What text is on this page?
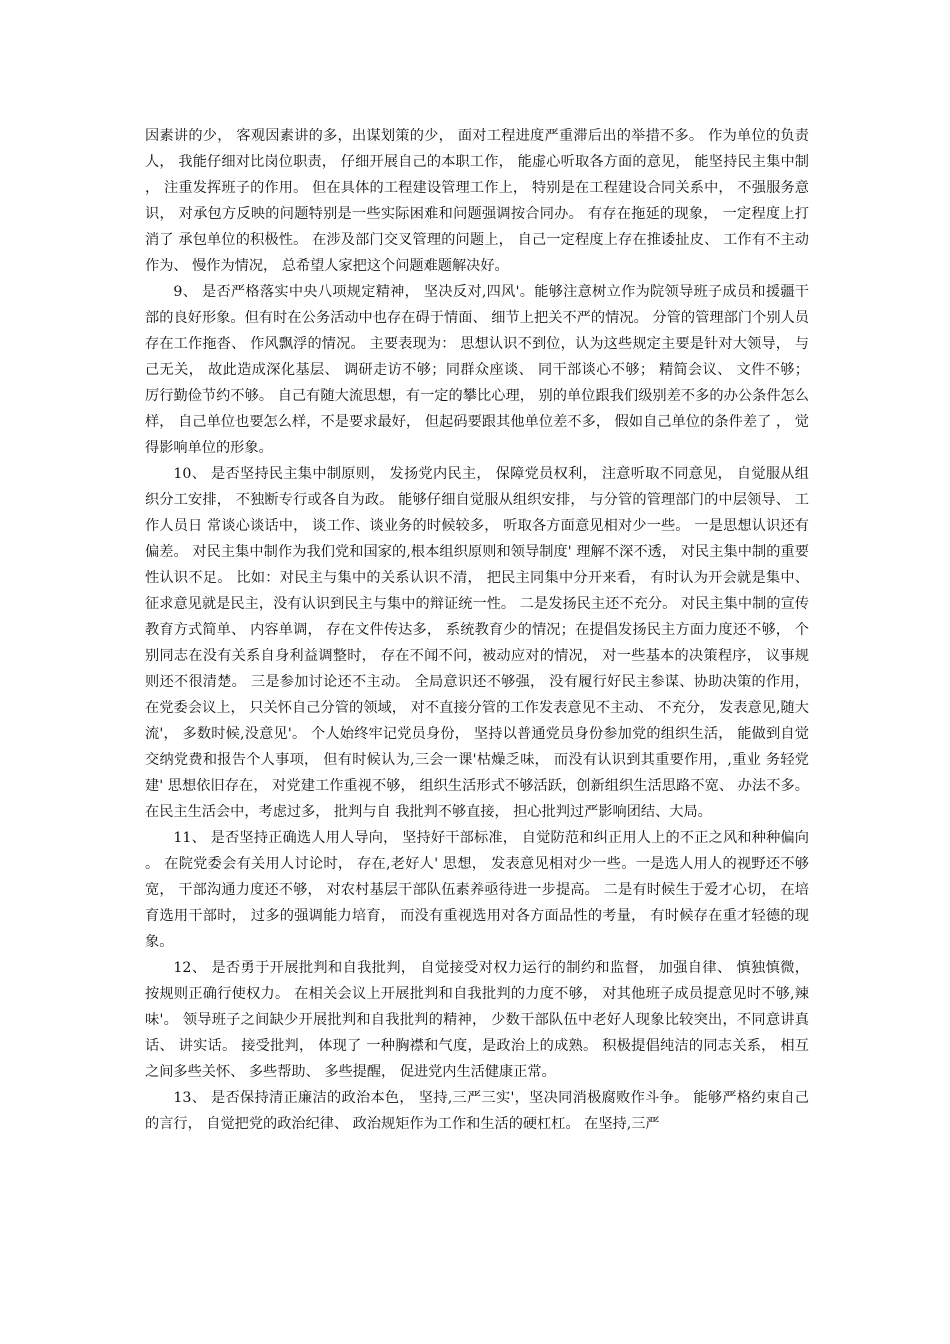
因素讲的少， 客观因素讲的多，出谋划策的少， 面对工程进度严重滞后出的举措不多。 作为单位的负责人， 我能仔细对比岗位职责， 仔细开展自己的本职工作， 能虚心听取各方面的意见， 能坚持民主集中制， 注重发挥班子的作用。 但在具体的工程建设管理工作上， 特别是在工程建设合同关系中， 不强服务意识， 对承包方反映的问题特别是一些实际困难和问题强调按合同办。 有存在拖延的现象， 一定程度上打消了 承包单位的积极性。 在涉及部门交叉管理的问题上， 自己一定程度上存在推诿扯皮、 工作有不主动作为、 慢作为情况， 总希望人家把这个问题难题解决好。

9、 是否严格落实中央八项规定精神， 坚决反对,四风'。能够注意树立作为院领导班子成员和援疆干部的良好形象。但有时在公务活动中也存在碍于情面、 细节上把关不严的情况。 分管的管理部门个别人员存在工作拖沓、 作风飘浮的情况。 主要表现为： 思想认识不到位，认为这些规定主要是针对大领导， 与己无关， 故此造成深化基层、 调研走访不够；同群众座谈、 同干部谈心不够； 精简会议、 文件不够； 厉行勤俭节约不够。 自己有随大流思想，有一定的攀比心理， 别的单位跟我们级别差不多的办公条件怎么样， 自己单位也要怎么样，不是要求最好， 但起码要跟其他单位差不多， 假如自己单位的条件差了 ， 觉得影响单位的形象。

10、 是否坚持民主集中制原则， 发扬党内民主， 保障党员权利， 注意听取不同意见， 自觉服从组织分工安排， 不独断专行或各自为政。 能够仔细自觉服从组织安排， 与分管的管理部门的中层领导、 工作人员日 常谈心谈话中， 谈工作、谈业务的时候较多， 听取各方面意见相对少一些。 一是思想认识还有偏差。 对民主集中制作为我们党和国家的,根本组织原则和领导制度' 理解不深不透， 对民主集中制的重要性认识不足。 比如：对民主与集中的关系认识不清， 把民主同集中分开来看， 有时认为开会就是集中、 征求意见就是民主，没有认识到民主与集中的辩证统一性。 二是发扬民主还不充分。 对民主集中制的宣传教育方式简单、 内容单调， 存在文件传达多， 系统教育少的情况；在提倡发扬民主方面力度还不够， 个别同志在没有关系自身利益调整时， 存在不闻不问，被动应对的情况， 对一些基本的决策程序， 议事规则还不很清楚。 三是参加讨论还不主动。 全局意识还不够强， 没有履行好民主参谋、协助决策的作用， 在党委会议上， 只关怀自己分管的领域， 对不直接分管的工作发表意见不主动、 不充分， 发表意见,随大流'， 多数时候,没意见'。 个人始终牢记党员身份， 坚持以普通党员身份参加党的组织生活， 能做到自觉交纳党费和报告个人事项， 但有时候认为,三会一课'枯燥乏味， 而没有认识到其重要作用，,重业 务轻党建' 思想依旧存在， 对党建工作重视不够， 组织生活形式不够活跃，创新组织生活思路不宽、 办法不多。 在民主生活会中，考虑过多， 批判与自 我批判不够直接， 担心批判过严影响团结、大局。

11、 是否坚持正确选人用人导向， 坚持好干部标准， 自觉防范和纠正用人上的不正之风和种种偏向。 在院党委会有关用人讨论时， 存在,老好人' 思想， 发表意见相对少一些。一是选人用人的视野还不够宽， 干部沟通力度还不够， 对农村基层干部队伍素养亟待进一步提高。 二是有时候生于爱才心切， 在培育选用干部时， 过多的强调能力培育， 而没有重视选用对各方面品性的考量， 有时候存在重才轻德的现象。

12、 是否勇于开展批判和自我批判， 自觉接受对权力运行的制约和监督， 加强自律、 慎独慎微， 按规则正确行使权力。 在相关会议上开展批判和自我批判的力度不够， 对其他班子成员提意见时不够,辣味'。 领导班子之间缺少开展批判和自我批判的精神， 少数干部队伍中老好人现象比较突出，不同意讲真话、 讲实话。 接受批判， 体现了 一种胸襟和气度，是政治上的成熟。 积极提倡纯洁的同志关系， 相互之间多些关怀、 多些帮助、 多些提醒， 促进党内生活健康正常。

13、 是否保持清正廉洁的政治本色， 坚持,三严三实'，坚决同消极腐败作斗争。 能够严格约束自己的言行， 自觉把党的政治纪律、 政治规矩作为工作和生活的硬杠杠。 在坚持,三严
